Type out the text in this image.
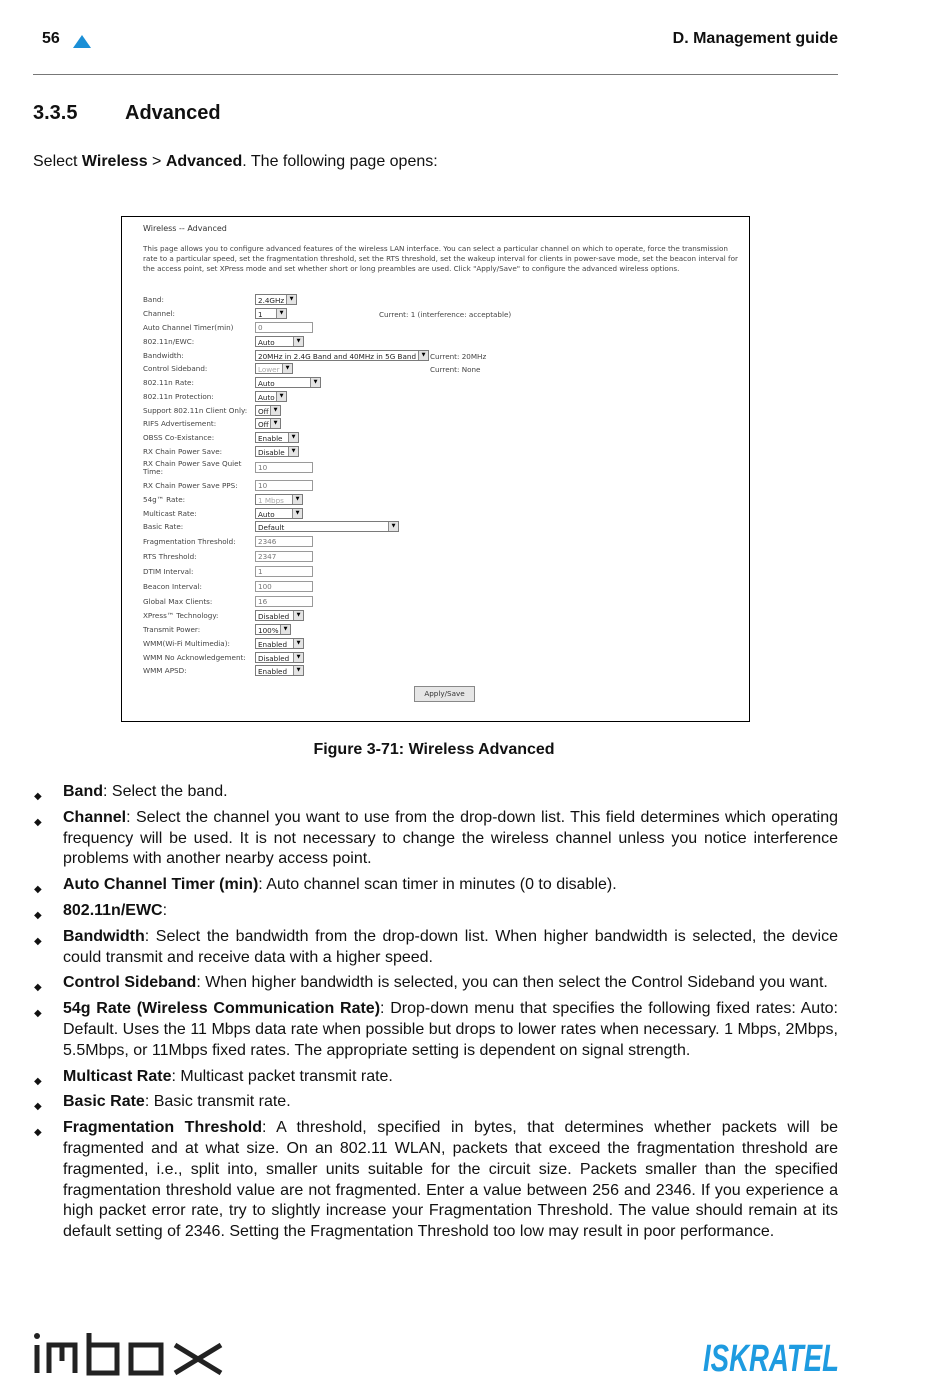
56	D. Management guide
3.3.5 Advanced
Select Wireless > Advanced. The following page opens:
Wireless -- Advanced
This page allows you to configure advanced features of the wireless LAN interface. You can select a particular channel on which to operate, force the transmission rate to a particular speed, set the fragmentation threshold, set the RTS threshold, set the wakeup interval for clients in power-save mode, set the beacon interval for the access point, set XPress mode and set whether short or long preambles are used. Click "Apply/Save" to configure the advanced wireless options.
Band:	2.4GHz	▼
Channel:	1	▼	Current: 1 (interference: acceptable)
Auto Channel Timer(min)	0
802.11n/EWC:	Auto	▼
Bandwidth:	20MHz in 2.4G Band and 40MHz in 5G Band	▼ Current: 20MHz
Control Sideband:	Lower	▼	Current: None
802.11n Rate:	Auto	▼
802.11n Protection:	Auto ▼
Support 802.11n Client Only:	Off ▼
RIFS Advertisement:	Off ▼
OBSS Co-Existance:	Enable	▼
RX Chain Power Save:	Disable	▼
RX Chain Power Save Quiet Time:	10
RX Chain Power Save PPS:	10
54g™ Rate:	1 Mbps	▼
Multicast Rate:	Auto	▼
Basic Rate:	Default	▼
Fragmentation Threshold:	2346
RTS Threshold:	2347
DTIM Interval:	1
Beacon Interval:	100
Global Max Clients:	16
XPress™ Technology:	Disabled	▼
Transmit Power:	100%	▼
WMM(Wi-Fi Multimedia):	Enabled	▼
WMM No Acknowledgement:	Disabled	▼
WMM APSD:	Enabled	▼
Apply/Save
Figure 3-71: Wireless Advanced
◆ Band: Select the band.
◆ Channel: Select the channel you want to use from the drop-down list. This field determines which operating frequency will be used. It is not necessary to change the wireless channel unless you notice interference problems with another nearby access point.
◆ Auto Channel Timer (min): Auto channel scan timer in minutes (0 to disable).
◆ 802.11n/EWC:
◆ Bandwidth: Select the bandwidth from the drop-down list. When higher bandwidth is selected, the device could transmit and receive data with a higher speed.
◆ Control Sideband: When higher bandwidth is selected, you can then select the Control Sideband you want.
◆ 54g Rate (Wireless Communication Rate): Drop-down menu that specifies the following fixed rates: Auto: Default. Uses the 11 Mbps data rate when possible but drops to lower rates when necessary. 1 Mbps, 2Mbps, 5.5Mbps, or 11Mbps fixed rates. The appropriate setting is dependent on signal strength.
◆ Multicast Rate: Multicast packet transmit rate.
◆ Basic Rate: Basic transmit rate.
◆ Fragmentation Threshold: A threshold, specified in bytes, that determines whether packets will be fragmented and at what size. On an 802.11 WLAN, packets that exceed the fragmentation threshold are fragmented, i.e., split into, smaller units suitable for the circuit size. Packets smaller than the specified fragmentation threshold value are not fragmented. Enter a value between 256 and 2346. If you experience a high packet error rate, try to slightly increase your Fragmentation Threshold. The value should remain at its default setting of 2346. Setting the Fragmentation Threshold too low may result in poor performance.
ISKRATEL
